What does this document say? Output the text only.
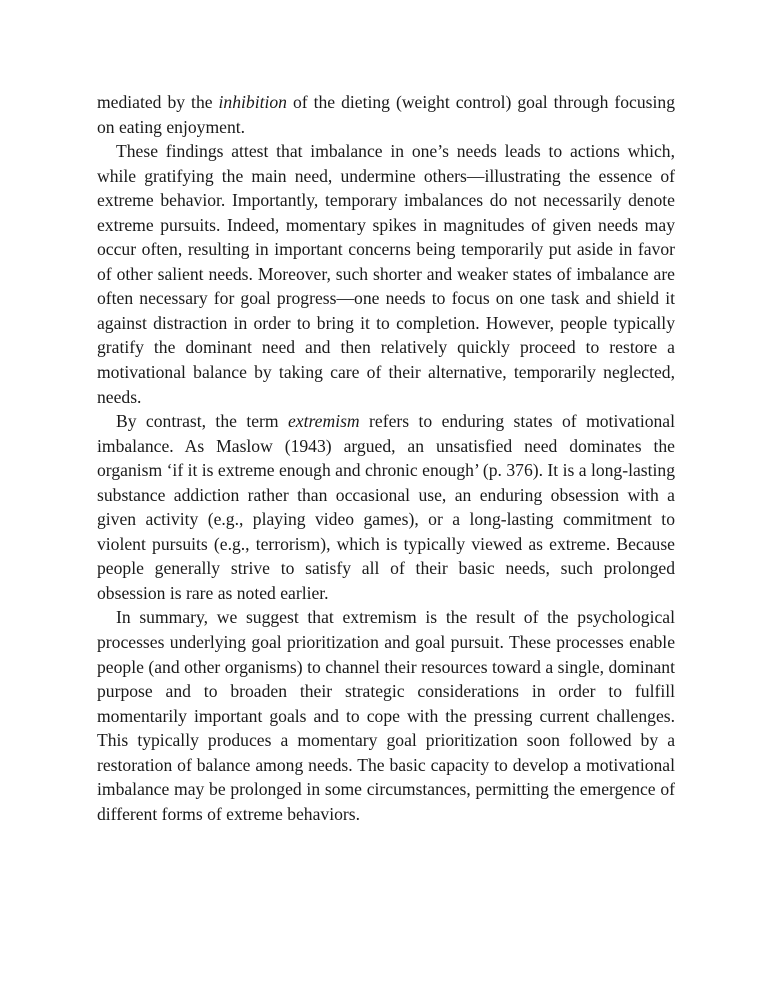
mediated by the inhibition of the dieting (weight control) goal through focusing on eating enjoyment.

These findings attest that imbalance in one’s needs leads to actions which, while gratifying the main need, undermine others—illustrating the essence of extreme behavior. Importantly, temporary imbalances do not necessarily denote extreme pursuits. Indeed, momentary spikes in magnitudes of given needs may occur often, resulting in important concerns being temporarily put aside in favor of other salient needs. Moreover, such shorter and weaker states of imbalance are often necessary for goal progress—one needs to focus on one task and shield it against distraction in order to bring it to completion. However, people typically gratify the dominant need and then relatively quickly proceed to restore a motivational balance by taking care of their alternative, temporarily neglected, needs.

By contrast, the term extremism refers to enduring states of motivational imbalance. As Maslow (1943) argued, an unsatisfied need dominates the organism ‘if it is extreme enough and chronic enough’ (p. 376). It is a long-lasting substance addiction rather than occasional use, an enduring obsession with a given activity (e.g., playing video games), or a long-lasting commitment to violent pursuits (e.g., terrorism), which is typically viewed as extreme. Because people generally strive to satisfy all of their basic needs, such prolonged obsession is rare as noted earlier.

In summary, we suggest that extremism is the result of the psychological processes underlying goal prioritization and goal pursuit. These processes enable people (and other organisms) to channel their resources toward a single, dominant purpose and to broaden their strategic considerations in order to fulfill momentarily important goals and to cope with the pressing current challenges. This typically produces a momentary goal prioritization soon followed by a restoration of balance among needs. The basic capacity to develop a motivational imbalance may be prolonged in some circumstances, permitting the emergence of different forms of extreme behaviors.
